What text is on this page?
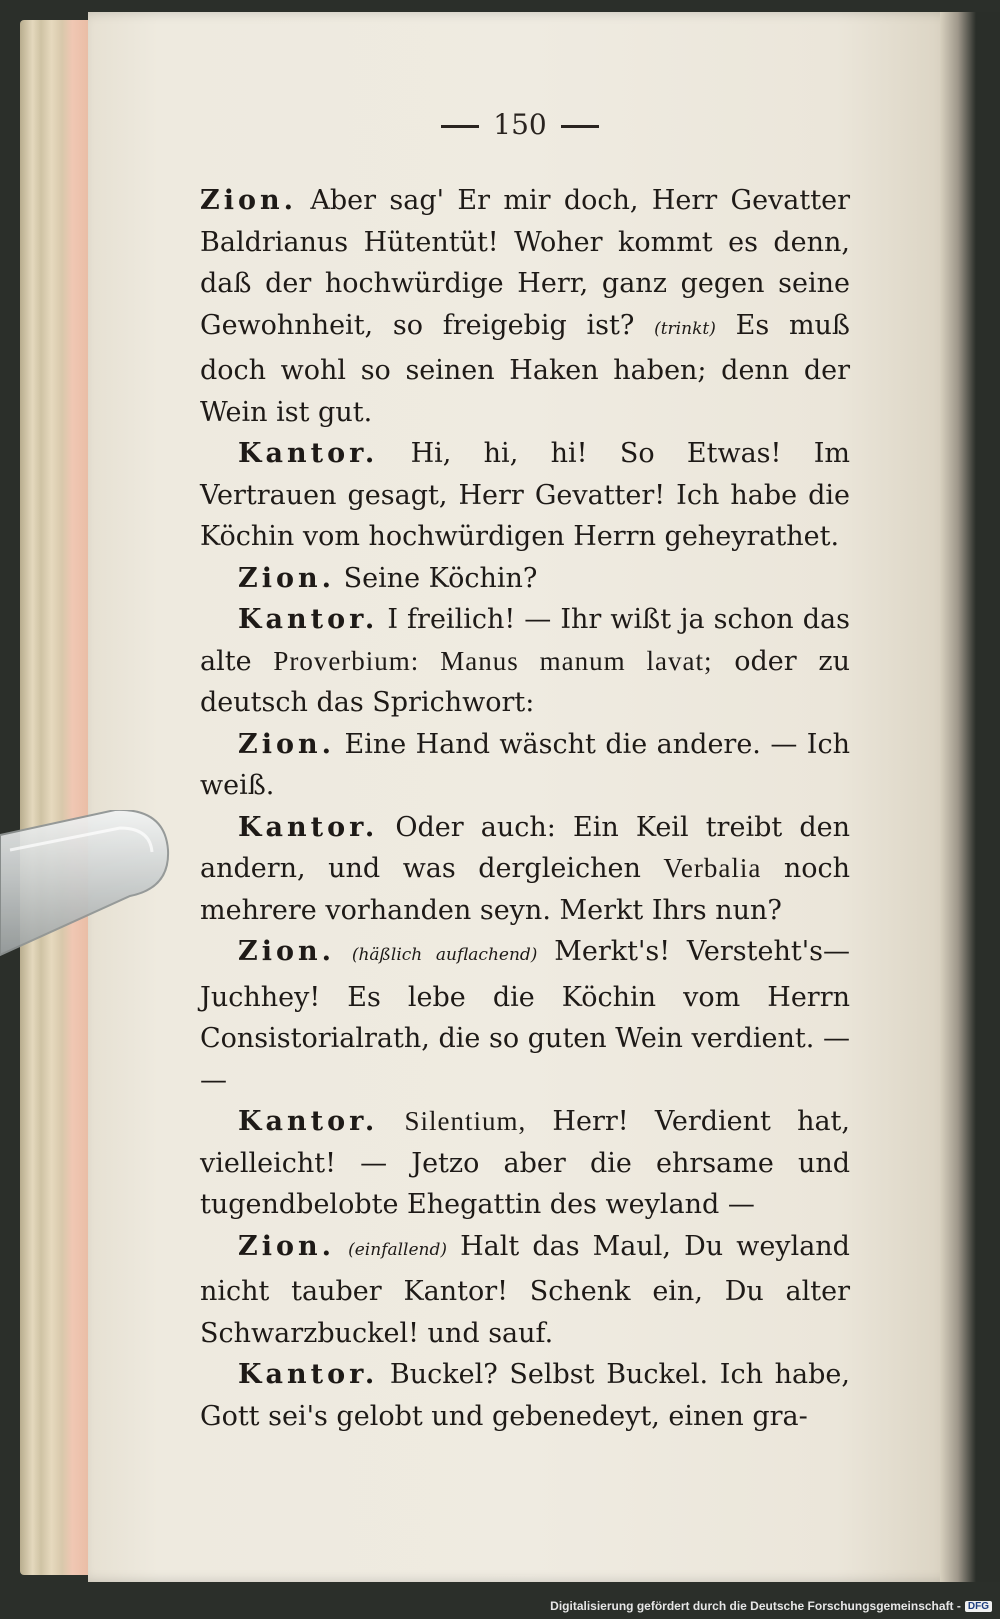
150

Zion. Aber sag' Er mir doch, Herr Gevatter Baldrianus Hütentüt! Woher kommt es denn, daß der hochwürdige Herr, ganz gegen seine Gewohnheit, so freigebig ist? (trinkt) Es muß doch wohl so seinen Haken haben; denn der Wein ist gut.

Kantor. Hi, hi, hi! So Etwas! Im Vertrauen gesagt, Herr Gevatter! Ich habe die Köchin vom hochwürdigen Herrn geheyrathet.

Zion. Seine Köchin?

Kantor. I freilich! — Ihr wißt ja schon das alte Proverbium: Manus manum lavat; oder zu deutsch das Sprichwort:

Zion. Eine Hand wäscht die andere. — Ich weiß.

Kantor. Oder auch: Ein Keil treibt den andern, und was dergleichen Verbalia noch mehrere vorhanden seyn. Merkt Ihrs nun?

Zion. (häßlich auflachend) Merkt's! Versteht's— Juchhey! Es lebe die Köchin vom Herrn Consistorialrath, die so guten Wein verdient. — —

Kantor. Silentium, Herr! Verdient hat, vielleicht! — Jetzo aber die ehrsame und tugendbelobte Ehegattin des weyland —

Zion. (einfallend) Halt das Maul, Du weyland nicht tauber Kantor! Schenk ein, Du alter Schwarzbuckel! und sauf.

Kantor. Buckel? Selbst Buckel. Ich habe, Gott sei's gelobt und gebenedeyt, einen gra-

Digitalisierung gefördert durch die Deutsche Forschungsgemeinschaft - DFG
